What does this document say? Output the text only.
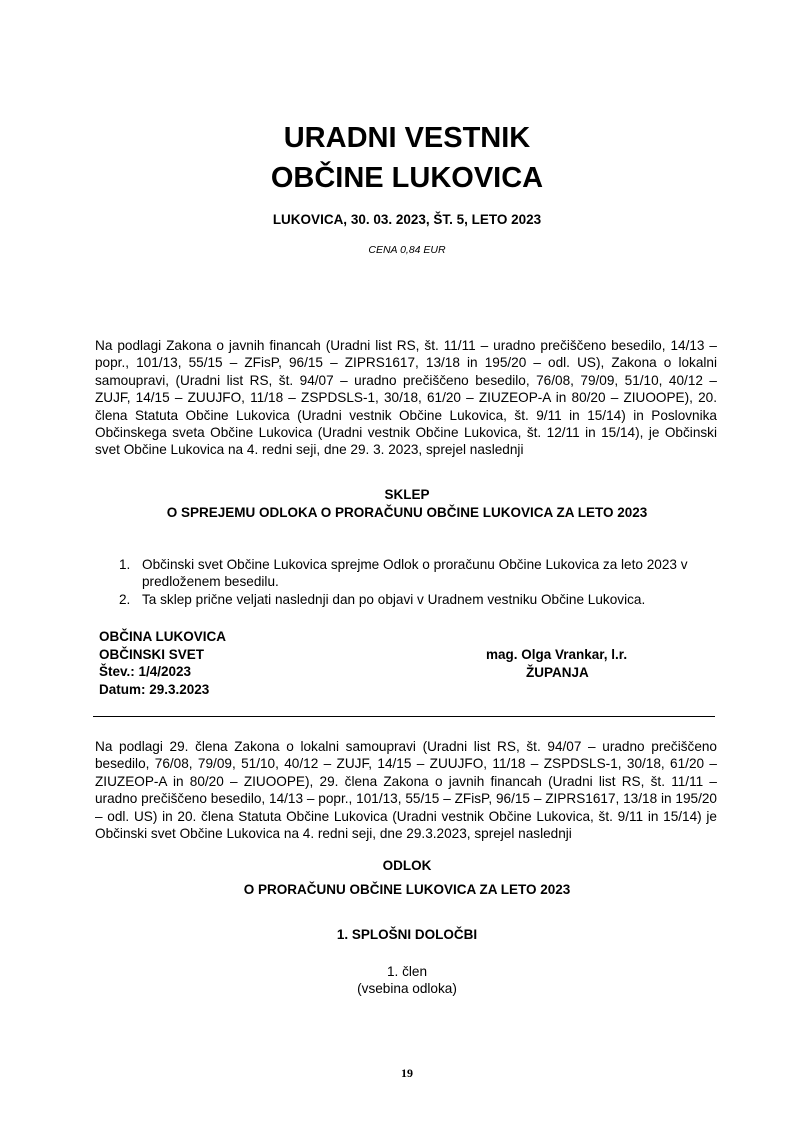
URADNI VESTNIK
OBČINE LUKOVICA
LUKOVICA, 30. 03. 2023, ŠT. 5, LETO 2023
CENA 0,84 EUR
Na podlagi Zakona o javnih financah (Uradni list RS, št. 11/11 – uradno prečiščeno besedilo, 14/13 – popr., 101/13, 55/15 – ZFisP, 96/15 – ZIPRS1617, 13/18 in 195/20 – odl. US), Zakona o lokalni samoupravi, (Uradni list RS, št. 94/07 – uradno prečiščeno besedilo, 76/08, 79/09, 51/10, 40/12 – ZUJF, 14/15 – ZUUJFO, 11/18 – ZSPDSLS-1, 30/18, 61/20 – ZIUZEOP-A in 80/20 – ZIUOOPE), 20. člena Statuta Občine Lukovica (Uradni vestnik Občine Lukovica, št. 9/11 in 15/14) in Poslovnika Občinskega sveta Občine Lukovica (Uradni vestnik Občine Lukovica, št. 12/11 in 15/14), je Občinski svet Občine Lukovica na 4. redni seji, dne 29. 3. 2023, sprejel naslednji
SKLEP
O SPREJEMU ODLOKA O PRORAČUNU OBČINE LUKOVICA ZA LETO 2023
1. Občinski svet Občine Lukovica sprejme Odlok o proračunu Občine Lukovica za leto 2023 v predloženem besedilu.
2. Ta sklep prične veljati naslednji dan po objavi v Uradnem vestniku Občine Lukovica.
OBČINA LUKOVICA
OBČINSKI SVET
Štev.: 1/4/2023
Datum: 29.3.2023
mag. Olga Vrankar, l.r.
ŽUPANJA
Na podlagi 29. člena Zakona o lokalni samoupravi (Uradni list RS, št. 94/07 – uradno prečiščeno besedilo, 76/08, 79/09, 51/10, 40/12 – ZUJF, 14/15 – ZUUJFO, 11/18 – ZSPDSLS-1, 30/18, 61/20 – ZIUZEOP-A in 80/20 – ZIUOOPE), 29. člena Zakona o javnih financah (Uradni list RS, št. 11/11 – uradno prečiščeno besedilo, 14/13 – popr., 101/13, 55/15 – ZFisP, 96/15 – ZIPRS1617, 13/18 in 195/20 – odl. US) in 20. člena Statuta Občine Lukovica (Uradni vestnik Občine Lukovica, št. 9/11 in 15/14) je Občinski svet Občine Lukovica na 4. redni seji, dne 29.3.2023, sprejel naslednji
ODLOK
O PRORAČUNU OBČINE LUKOVICA ZA LETO 2023
1. SPLOŠNI DOLOČBI
1. člen
(vsebina odloka)
19
